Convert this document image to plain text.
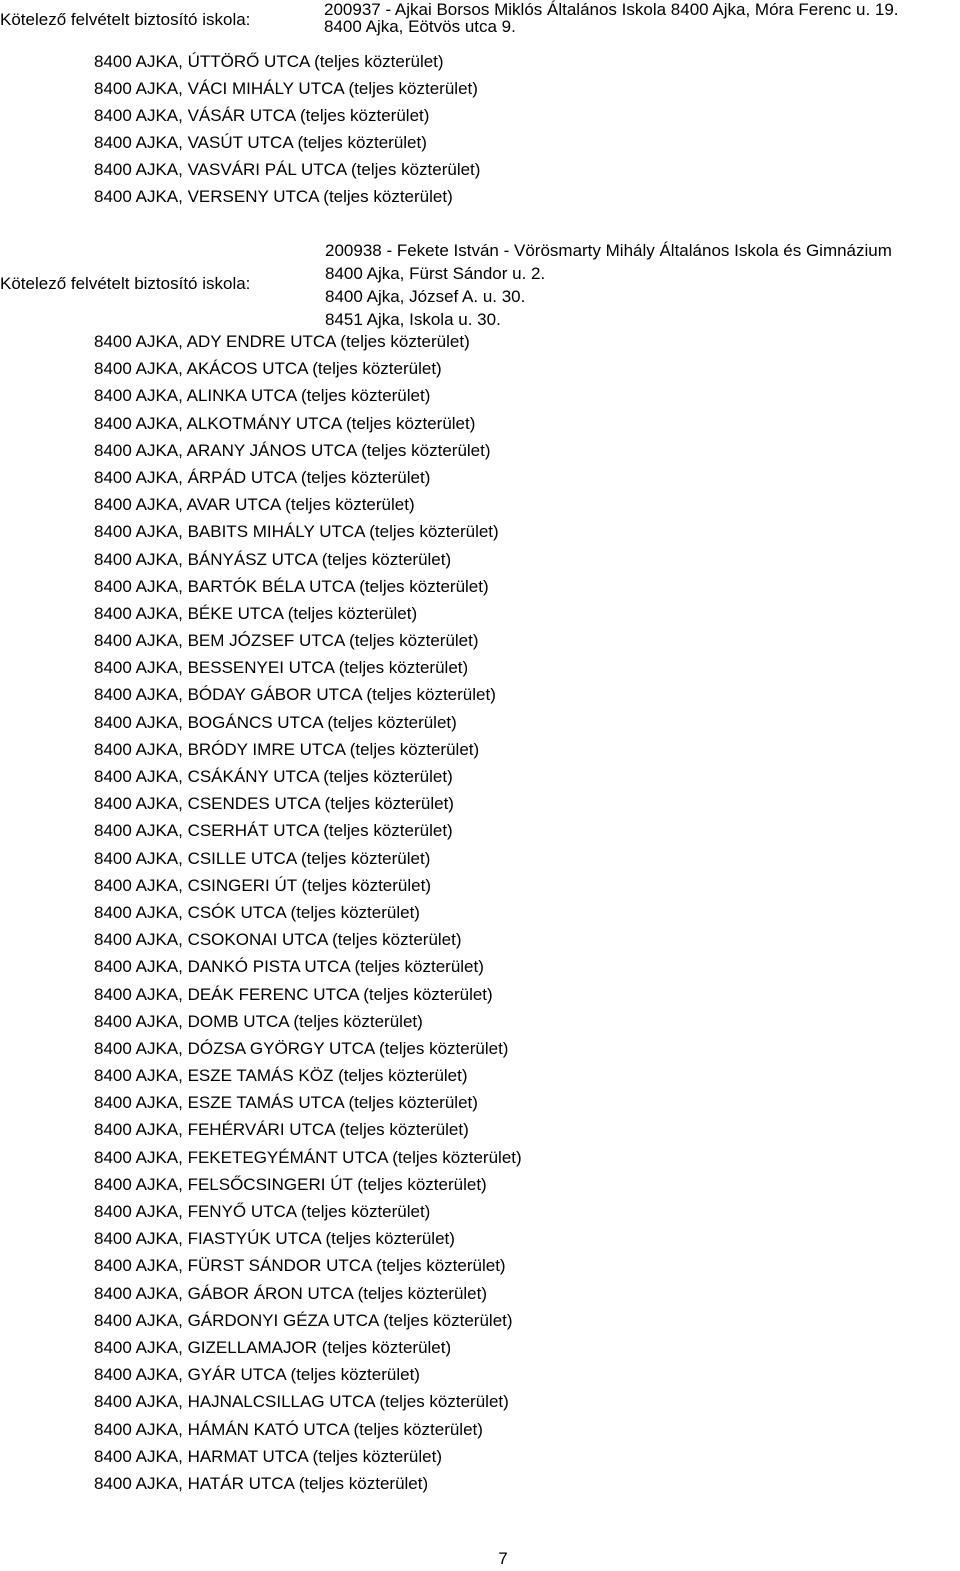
Kötelező felvételt biztosító iskola:
200937 - Ajkai Borsos Miklós Általános Iskola 8400 Ajka, Móra Ferenc u. 19.
8400 Ajka, Eötvös utca 9.
8400 AJKA, ÚTTÖRŐ UTCA (teljes közterület)
8400 AJKA, VÁCI MIHÁLY UTCA (teljes közterület)
8400 AJKA, VÁSÁR UTCA (teljes közterület)
8400 AJKA, VASÚT UTCA (teljes közterület)
8400 AJKA, VASVÁRI PÁL UTCA (teljes közterület)
8400 AJKA, VERSENY UTCA (teljes közterület)
Kötelező felvételt biztosító iskola:
200938 - Fekete István - Vörösmarty Mihály Általános Iskola és Gimnázium
8400 Ajka, Fürst Sándor u. 2.
8400 Ajka, József A. u. 30.
8451 Ajka, Iskola u. 30.
8400 AJKA, ADY ENDRE UTCA (teljes közterület)
8400 AJKA, AKÁCOS UTCA (teljes közterület)
8400 AJKA, ALINKA UTCA (teljes közterület)
8400 AJKA, ALKOTMÁNY UTCA (teljes közterület)
8400 AJKA, ARANY JÁNOS UTCA (teljes közterület)
8400 AJKA, ÁRPÁD UTCA (teljes közterület)
8400 AJKA, AVAR UTCA (teljes közterület)
8400 AJKA, BABITS MIHÁLY UTCA (teljes közterület)
8400 AJKA, BÁNYÁSZ UTCA (teljes közterület)
8400 AJKA, BARTÓK BÉLA UTCA (teljes közterület)
8400 AJKA, BÉKE UTCA (teljes közterület)
8400 AJKA, BEM JÓZSEF UTCA (teljes közterület)
8400 AJKA, BESSENYEI UTCA (teljes közterület)
8400 AJKA, BÓDAY GÁBOR UTCA (teljes közterület)
8400 AJKA, BOGÁNCS UTCA (teljes közterület)
8400 AJKA, BRÓDY IMRE UTCA (teljes közterület)
8400 AJKA, CSÁKÁNY UTCA (teljes közterület)
8400 AJKA, CSENDES UTCA (teljes közterület)
8400 AJKA, CSERHÁT UTCA (teljes közterület)
8400 AJKA, CSILLE UTCA (teljes közterület)
8400 AJKA, CSINGERI ÚT (teljes közterület)
8400 AJKA, CSÓK UTCA (teljes közterület)
8400 AJKA, CSOKONAI UTCA (teljes közterület)
8400 AJKA, DANKÓ PISTA UTCA (teljes közterület)
8400 AJKA, DEÁK FERENC UTCA (teljes közterület)
8400 AJKA, DOMB UTCA (teljes közterület)
8400 AJKA, DÓZSA GYÖRGY UTCA (teljes közterület)
8400 AJKA, ESZE TAMÁS KÖZ (teljes közterület)
8400 AJKA, ESZE TAMÁS UTCA (teljes közterület)
8400 AJKA, FEHÉRVÁRI UTCA (teljes közterület)
8400 AJKA, FEKETEGYÉMÁNT UTCA (teljes közterület)
8400 AJKA, FELSŐCSINGERI ÚT (teljes közterület)
8400 AJKA, FENYŐ UTCA (teljes közterület)
8400 AJKA, FIASTYÚK UTCA (teljes közterület)
8400 AJKA, FÜRST SÁNDOR UTCA (teljes közterület)
8400 AJKA, GÁBOR ÁRON UTCA (teljes közterület)
8400 AJKA, GÁRDONYI GÉZA UTCA (teljes közterület)
8400 AJKA, GIZELLAMAJOR (teljes közterület)
8400 AJKA, GYÁR UTCA (teljes közterület)
8400 AJKA, HAJNALCSILLAG UTCA (teljes közterület)
8400 AJKA, HÁMÁN KATÓ UTCA (teljes közterület)
8400 AJKA, HARMAT UTCA (teljes közterület)
8400 AJKA, HATÁR UTCA (teljes közterület)
7
